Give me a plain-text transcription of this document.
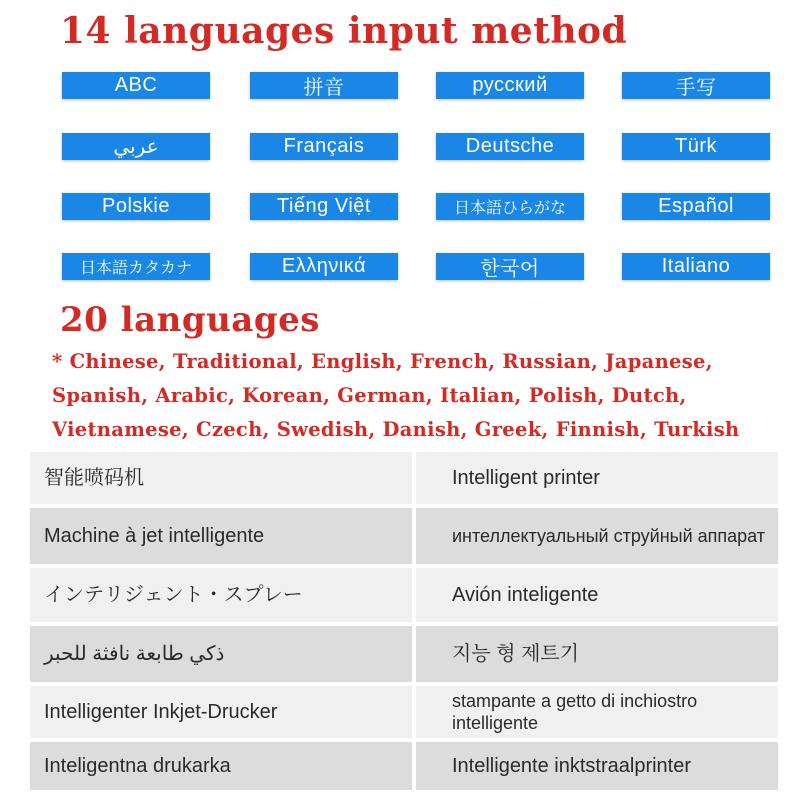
14 languages input method
ABC	拼音	русский	手写
عربي	Français	Deutsche	Türk
Polskie	Tiếng Việt	日本語ひらがな	Español
日本語カタカナ	Ελληνικά	한국어	Italiano
20 languages
* Chinese, Traditional, English, French, Russian, Japanese, Spanish, Arabic, Korean, German, Italian, Polish, Dutch, Vietnamese, Czech, Swedish, Danish, Greek, Finnish, Turkish
智能喷码机	Intelligent printer
Machine à jet intelligente	интеллектуальный струйный аппарат
インテリジェント・スプレー	Avión inteligente
ذكي طابعة نافثة للحبر	지능 형 제트기
Intelligenter Inkjet-Drucker	stampante a getto di inchiostro intelligente
Inteligentna drukarka	Intelligente inktstraalprinter
